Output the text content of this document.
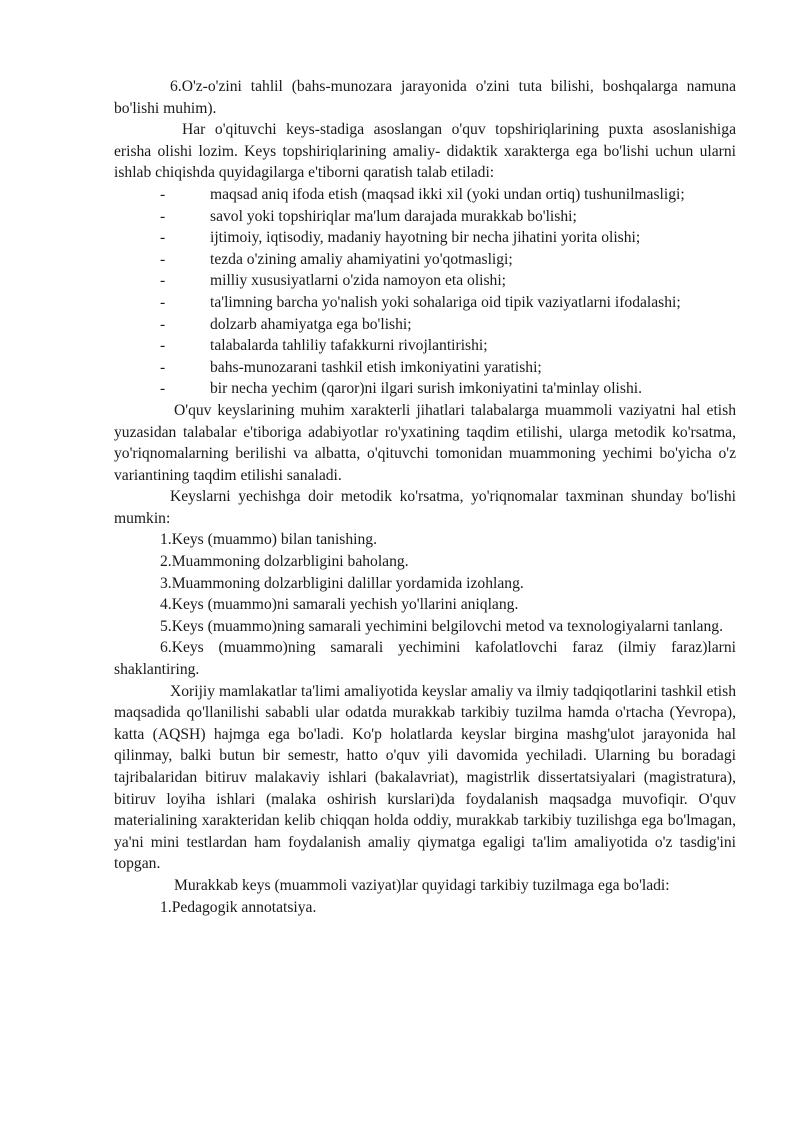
6.O'z-o'zini tahlil (bahs-munozara jarayonida o'zini tuta bilishi, boshqalarga namuna bo'lishi muhim).

Har o'qituvchi keys-stadiga asoslangan o'quv topshiriqlarining puxta asoslanishiga erisha olishi lozim. Keys topshiriqlarining amaliy- didaktik xarakterga ega bo'lishi uchun ularni ishlab chiqishda quyidagilarga e'tiborni qaratish talab etiladi:

-	maqsad aniq ifoda etish (maqsad ikki xil (yoki undan ortiq) tushunilmasligi;

-	savol yoki topshiriqlar ma'lum darajada murakkab bo'lishi;

-	ijtimoiy, iqtisodiy, madaniy hayotning bir necha jihatini yorita olishi;

-	tezda o'zining amaliy ahamiyatini yo'qotmasligi;

-	milliy xususiyatlarni o'zida namoyon eta olishi;

-	ta'limning barcha yo'nalish yoki sohalariga oid tipik vaziyatlarni ifodalashi;

-	dolzarb ahamiyatga ega bo'lishi;

-	talabalarda tahliliy tafakkurni rivojlantirishi;

-	bahs-munozarani tashkil etish imkoniyatini yaratishi;

-	bir necha yechim (qaror)ni ilgari surish imkoniyatini ta'minlay olishi.

O'quv keyslarining muhim xarakterli jihatlari talabalarga muammoli vaziyatni hal etish yuzasidan talabalar e'tiboriga adabiyotlar ro'yxatining taqdim etilishi, ularga metodik ko'rsatma, yo'riqnomalarning berilishi va albatta, o'qituvchi tomonidan muammoning yechimi bo'yicha o'z variantining taqdim etilishi sanaladi.

Keyslarni yechishga doir metodik ko'rsatma, yo'riqnomalar taxminan shunday bo'lishi mumkin:

1.Keys (muammo) bilan tanishing.

2.Muammoning dolzarbligini baholang.

3.Muammoning dolzarbligini dalillar yordamida izohlang.

4.Keys (muammo)ni samarali yechish yo'llarini aniqlang.

5.Keys (muammo)ning samarali yechimini belgilovchi metod va texnologiyalarni tanlang.

6.Keys (muammo)ning samarali yechimini kafolatlovchi faraz (ilmiy faraz)larni shaklantiring.

Xorijiy mamlakatlar ta'limi amaliyotida keyslar amaliy va ilmiy tadqiqotlarini tashkil etish maqsadida qo'llanilishi sababli ular odatda murakkab tarkibiy tuzilma hamda o'rtacha (Yevropa), katta (AQSH) hajmga ega bo'ladi. Ko'p holatlarda keyslar birgina mashg'ulot jarayonida hal qilinmay, balki butun bir semestr, hatto o'quv yili davomida yechiladi. Ularning bu boradagi tajribalaridan bitiruv malakaviy ishlari (bakalavriat), magistrlik dissertatsiyalari (magistratura), bitiruv loyiha ishlari (malaka oshirish kurslari)da foydalanish maqsadga muvofiqir. O'quv materialining xarakteridan kelib chiqqan holda oddiy, murakkab tarkibiy tuzilishga ega bo'lmagan, ya'ni mini testlardan ham foydalanish amaliy qiymatga egaligi ta'lim amaliyotida o'z tasdig'ini topgan.

Murakkab keys (muammoli vaziyat)lar quyidagi tarkibiy tuzilmaga ega bo'ladi:

1.Pedagogik annotatsiya.
